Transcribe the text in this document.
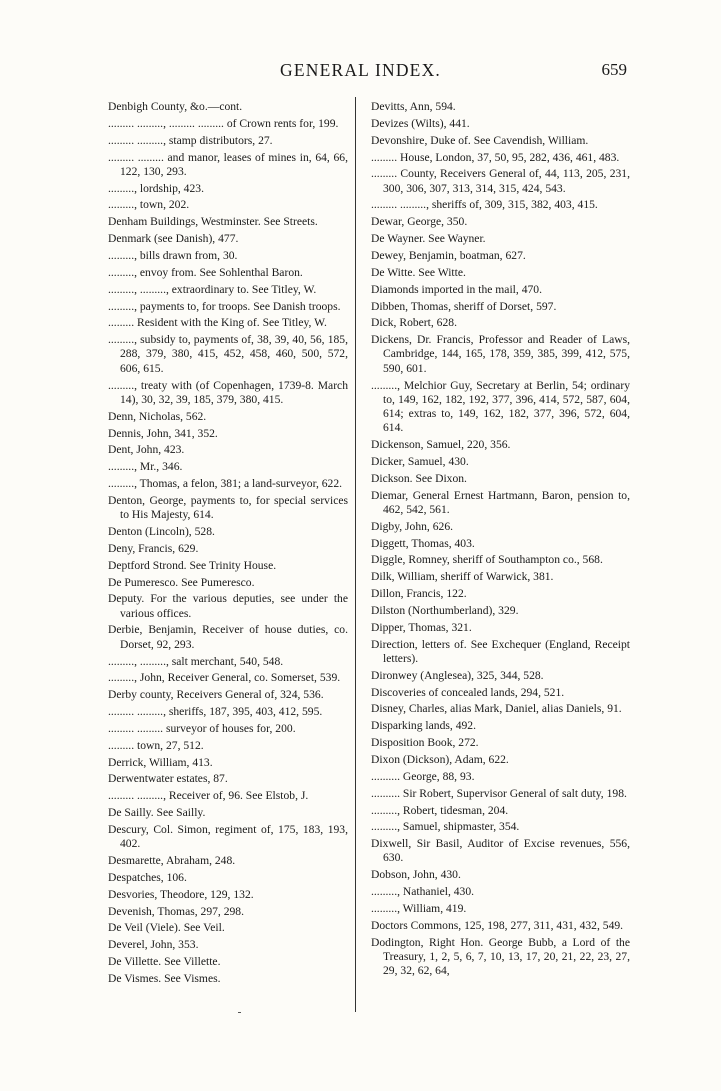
GENERAL INDEX.	659
Denbigh County, &o.—cont.
......... ........., ......... ......... of Crown rents for, 199.
......... ........., stamp distributors, 27.
......... ......... and manor, leases of mines in, 64, 66, 122, 130, 293.
........., lordship, 423.
........., town, 202.
Denham Buildings, Westminster. See Streets.
Denmark (see Danish), 477.
........., bills drawn from, 30.
........., envoy from. See Sohlenthal Baron.
........., ........., extraordinary to. See Titley, W.
........., payments to, for troops. See Danish troops.
......... Resident with the King of. See Titley, W.
........., subsidy to, payments of, 38, 39, 40, 56, 185, 288, 379, 380, 415, 452, 458, 460, 500, 572, 606, 615.
........., treaty with (of Copenhagen, 1739-8. March 14), 30, 32, 39, 185, 379, 380, 415.
Denn, Nicholas, 562.
Dennis, John, 341, 352.
Dent, John, 423.
........., Mr., 346.
........., Thomas, a felon, 381; a land-surveyor, 622.
Denton, George, payments to, for special services to His Majesty, 614.
Denton (Lincoln), 528.
Deny, Francis, 629.
Deptford Strond. See Trinity House.
De Pumeresco. See Pumeresco.
Deputy. For the various deputies, see under the various offices.
Derbie, Benjamin, Receiver of house duties, co. Dorset, 92, 293.
........., ........., salt merchant, 540, 548.
........., John, Receiver General, co. Somerset, 539.
Derby county, Receivers General of, 324, 536.
......... ........., sheriffs, 187, 395, 403, 412, 595.
......... ......... surveyor of houses for, 200.
......... town, 27, 512.
Derrick, William, 413.
Derwentwater estates, 87.
......... ........., Receiver of, 96. See Elstob, J.
De Sailly. See Sailly.
Descury, Col. Simon, regiment of, 175, 183, 193, 402.
Desmarette, Abraham, 248.
Despatches, 106.
Desvories, Theodore, 129, 132.
Devenish, Thomas, 297, 298.
De Veil (Viele). See Veil.
Deverel, John, 353.
De Villette. See Villette.
De Vismes. See Vismes.
Devitts, Ann, 594.
Devizes (Wilts), 441.
Devonshire, Duke of. See Cavendish, William.
......... House, London, 37, 50, 95, 282, 436, 461, 483.
......... County, Receivers General of, 44, 113, 205, 231, 300, 306, 307, 313, 314, 315, 424, 543.
......... ........., sheriffs of, 309, 315, 382, 403, 415.
Dewar, George, 350.
De Wayner. See Wayner.
Dewey, Benjamin, boatman, 627.
De Witte. See Witte.
Diamonds imported in the mail, 470.
Dibben, Thomas, sheriff of Dorset, 597.
Dick, Robert, 628.
Dickens, Dr. Francis, Professor and Reader of Laws, Cambridge, 144, 165, 178, 359, 385, 399, 412, 575, 590, 601.
........., Melchior Guy, Secretary at Berlin, 54; ordinary to, 149, 162, 182, 192, 377, 396, 414, 572, 587, 604, 614; extras to, 149, 162, 182, 377, 396, 572, 604, 614.
Dickenson, Samuel, 220, 356.
Dicker, Samuel, 430.
Dickson. See Dixon.
Diemar, General Ernest Hartmann, Baron, pension to, 462, 542, 561.
Digby, John, 626.
Diggett, Thomas, 403.
Diggle, Romney, sheriff of Southampton co., 568.
Dilk, William, sheriff of Warwick, 381.
Dillon, Francis, 122.
Dilston (Northumberland), 329.
Dipper, Thomas, 321.
Direction, letters of. See Exchequer (England, Receipt letters).
Dironwey (Anglesea), 325, 344, 528.
Discoveries of concealed lands, 294, 521.
Disney, Charles, alias Mark, Daniel, alias Daniels, 91.
Disparking lands, 492.
Disposition Book, 272.
Dixon (Dickson), Adam, 622.
.......... George, 88, 93.
.......... Sir Robert, Supervisor General of salt duty, 198.
........., Robert, tidesman, 204.
........., Samuel, shipmaster, 354.
Dixwell, Sir Basil, Auditor of Excise revenues, 556, 630.
Dobson, John, 430.
........., Nathaniel, 430.
........., William, 419.
Doctors Commons, 125, 198, 277, 311, 431, 432, 549.
Dodington, Right Hon. George Bubb, a Lord of the Treasury, 1, 2, 5, 6, 7, 10, 13, 17, 20, 21, 22, 23, 27, 29, 32, 62, 64,
